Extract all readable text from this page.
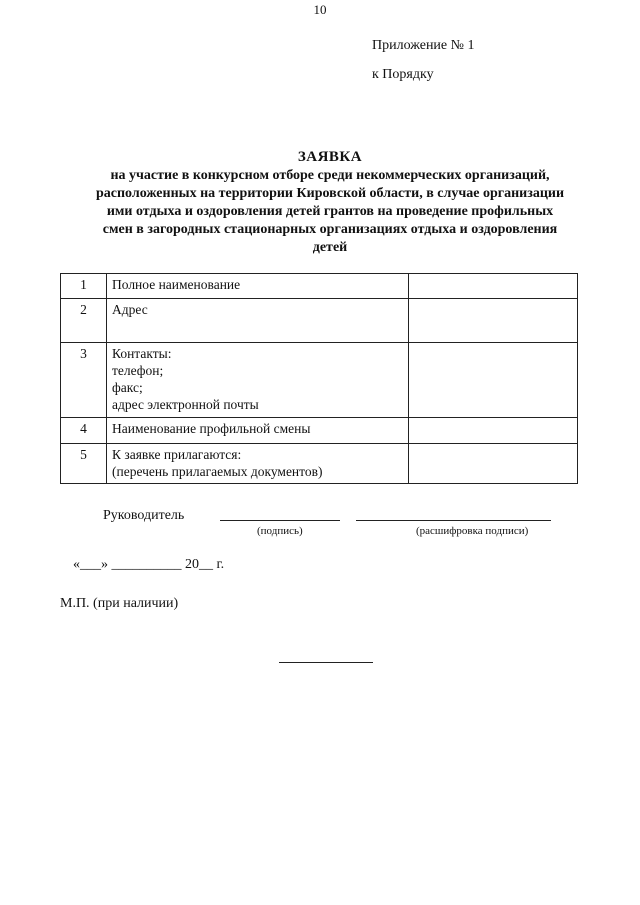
10
Приложение № 1
к Порядку
ЗАЯВКА
на участие в конкурсном отборе среди некоммерческих организаций,
расположенных на территории Кировской области, в случае организации
ими отдыха и оздоровления детей грантов на проведение профильных
смен в загородных стационарных организациях отдыха и оздоровления
детей
1	Полное наименование	

2	Адрес	

3	Контакты:
телефон;
факс;
адрес электронной почты	

4	Наименование профильной смены	

5	К заявке прилагаются:
(перечень прилагаемых документов)	

Руководитель
(подпись)	(расшифровка подписи)
«___» __________ 20__ г.
М.П. (при наличии)
